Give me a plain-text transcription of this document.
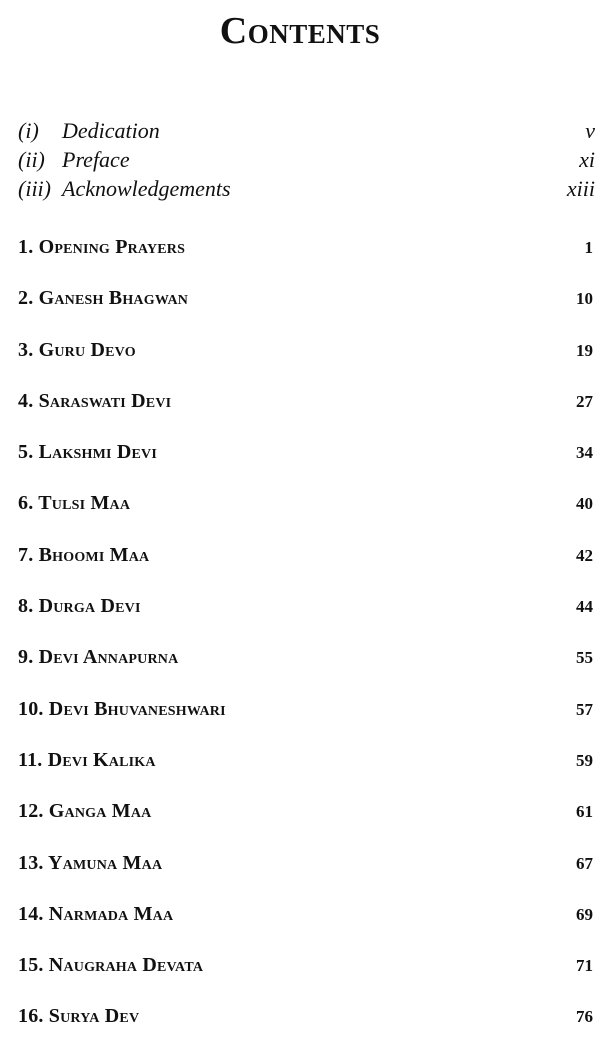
Contents
(i) Dedication	v
(ii) Preface	xi
(iii) Acknowledgements	xiii
1. Opening Prayers	1
2. Ganesh Bhagwan	10
3. Guru Devo	19
4. Saraswati Devi	27
5. Lakshmi Devi	34
6. Tulsi Maa	40
7. Bhoomi Maa	42
8. Durga Devi	44
9. Devi Annapurna	55
10. Devi Bhuvaneshwari	57
11. Devi Kalika	59
12. Ganga Maa	61
13. Yamuna Maa	67
14. Narmada Maa	69
15. Naugraha Devata	71
16. Surya Dev	76
